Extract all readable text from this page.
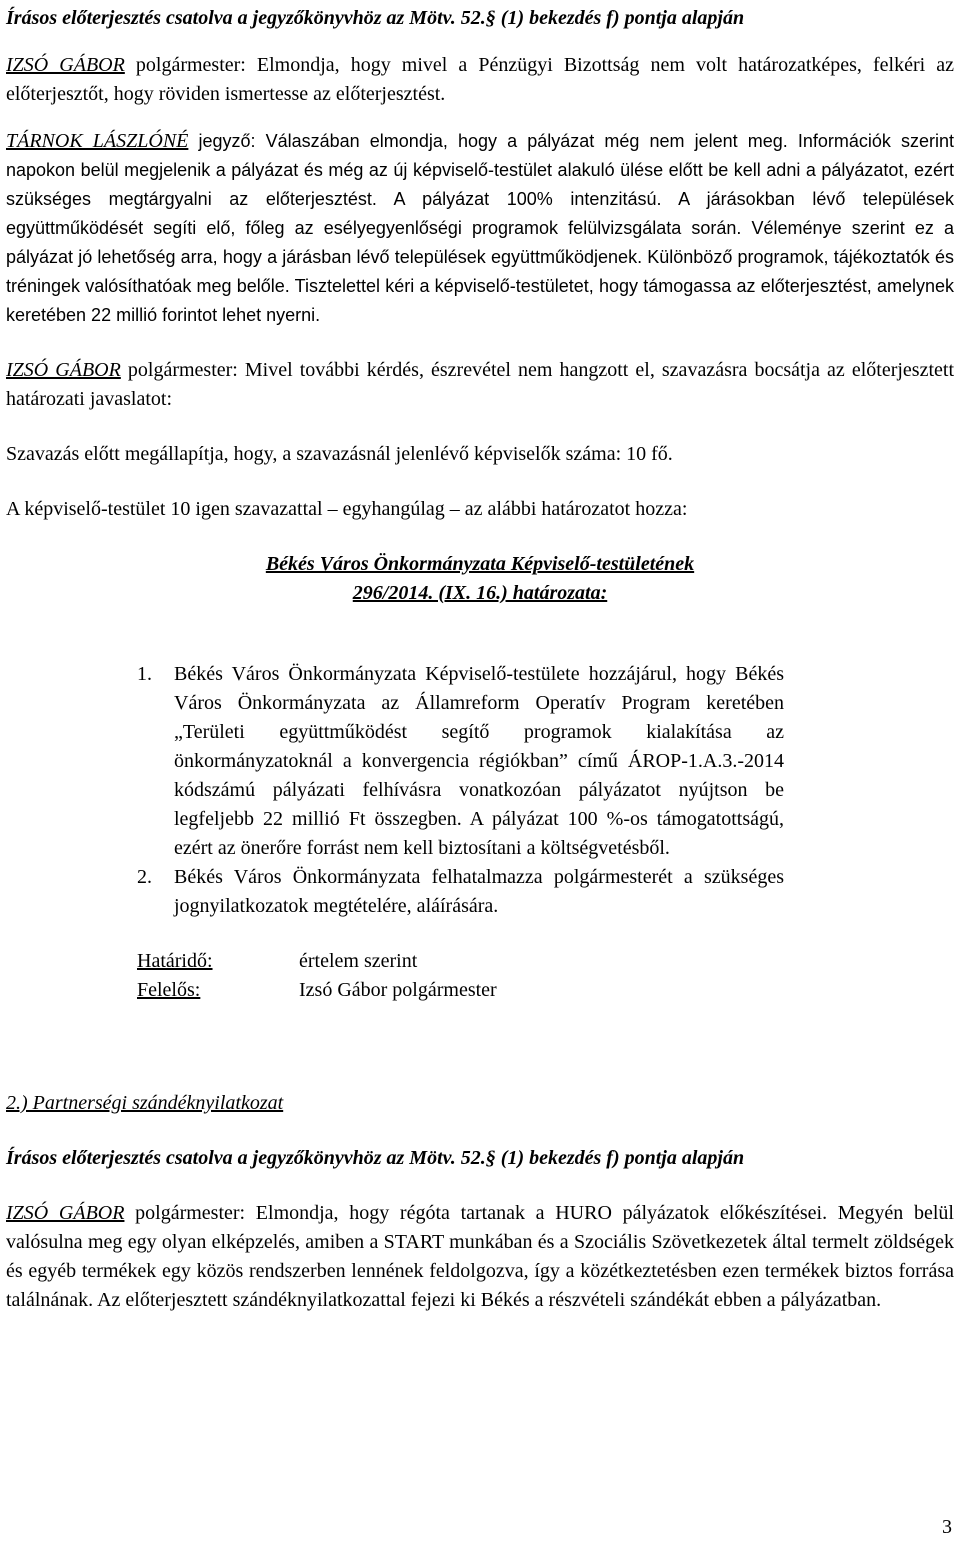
Írásos előterjesztés csatolva a jegyzőkönyvhöz az Mötv. 52.§ (1) bekezdés f) pontja alapján

IZSÓ GÁBOR polgármester: Elmondja, hogy mivel a Pénzügyi Bizottság nem volt határozatképes, felkéri az előterjesztőt, hogy röviden ismertesse az előterjesztést.

TÁRNOK LÁSZLÓNÉ jegyző: Válaszában elmondja, hogy a pályázat még nem jelent meg. Információk szerint napokon belül megjelenik a pályázat és még az új képviselő-testület alakuló ülése előtt be kell adni a pályázatot, ezért szükséges megtárgyalni az előterjesztést. A pályázat 100% intenzitású. A járásokban lévő települések együttműködését segíti elő, főleg az esélyegyenlőségi programok felülvizsgálata során. Véleménye szerint ez a pályázat jó lehetőség arra, hogy a járásban lévő települések együttműködjenek. Különböző programok, tájékoztatók és tréningek valósíthatóak meg belőle. Tisztelettel kéri a képviselő-testületet, hogy támogassa az előterjesztést, amelynek keretében 22 millió forintot lehet nyerni.

IZSÓ GÁBOR polgármester: Mivel további kérdés, észrevétel nem hangzott el, szavazásra bocsátja az előterjesztett határozati javaslatot:

Szavazás előtt megállapítja, hogy, a szavazásnál jelenlévő képviselők száma: 10 fő.

A képviselő-testület 10 igen szavazattal – egyhangúlag – az alábbi határozatot hozza:

Békés Város Önkormányzata Képviselő-testületének
296/2014. (IX. 16.) határozata:
1. Békés Város Önkormányzata Képviselő-testülete hozzájárul, hogy Békés Város Önkormányzata az Államreform Operatív Program keretében „Területi együttműködést segítő programok kialakítása az önkormányzatoknál a konvergencia régiókban” című ÁROP-1.A.3.-2014 kódszámú pályázati felhívásra vonatkozóan pályázatot nyújtson be legfeljebb 22 millió Ft összegben. A pályázat 100 %-os támogatottságú, ezért az önerőre forrást nem kell biztosítani a költségvetésből.
2. Békés Város Önkormányzata felhatalmazza polgármesterét a szükséges jognyilatkozatok megtételére, aláírására.
Határidő:	értelem szerint
Felelős:	Izsó Gábor polgármester

2.) Partnerségi szándéknyilatkozat

Írásos előterjesztés csatolva a jegyzőkönyvhöz az Mötv. 52.§ (1) bekezdés f) pontja alapján

IZSÓ GÁBOR polgármester: Elmondja, hogy régóta tartanak a HURO pályázatok előkészítései. Megyén belül valósulna meg egy olyan elképzelés, amiben a START munkában és a Szociális Szövetkezetek által termelt zöldségek és egyéb termékek egy közös rendszerben lennének feldolgozva, így a közétkeztetésben ezen termékek biztos forrása találnának. Az előterjesztett szándéknyilatkozattal fejezi ki Békés a részvételi szándékát ebben a pályázatban.

3
